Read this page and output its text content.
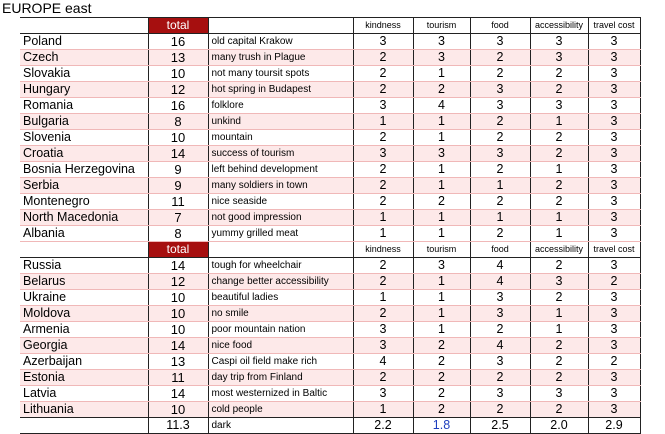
EUROPE east
	total		kindness	tourism	food	accessibility	travel cost
Poland	16	old capital Krakow	3	3	3	3	3
Czech	13	many trush in Plague	2	3	2	3	3
Slovakia	10	not many toursit spots	2	1	2	2	3
Hungary	12	hot spring in Budapest	2	2	3	2	3
Romania	16	folklore	3	4	3	3	3
Bulgaria	8	unkind	1	1	2	1	3
Slovenia	10	mountain	2	1	2	2	3
Croatia	14	success of tourism	3	3	3	2	3
Bosnia Herzegovina	9	left behind development	2	1	2	1	3
Serbia	9	many soldiers in town	2	1	1	2	3
Montenegro	11	nice seaside	2	2	2	2	3
North Macedonia	7	not good impression	1	1	1	1	3
Albania	8	yummy grilled meat	1	1	2	1	3
	total		kindness	tourism	food	accessibility	travel cost
Russia	14	tough for wheelchair	2	3	4	2	3
Belarus	12	change better accessibility	2	1	4	3	2
Ukraine	10	beautiful ladies	1	1	3	2	3
Moldova	10	no smile	2	1	3	1	3
Armenia	10	poor mountain nation	3	1	2	1	3
Georgia	14	nice food	3	2	4	2	3
Azerbaijan	13	Caspi oil field make rich	4	2	3	2	2
Estonia	11	day trip from Finland	2	2	2	2	3
Latvia	14	most westernized in Baltic	3	2	3	3	3
Lithuania	10	cold people	1	2	2	2	3
	11.3	dark	2.2	1.8	2.5	2.0	2.9
